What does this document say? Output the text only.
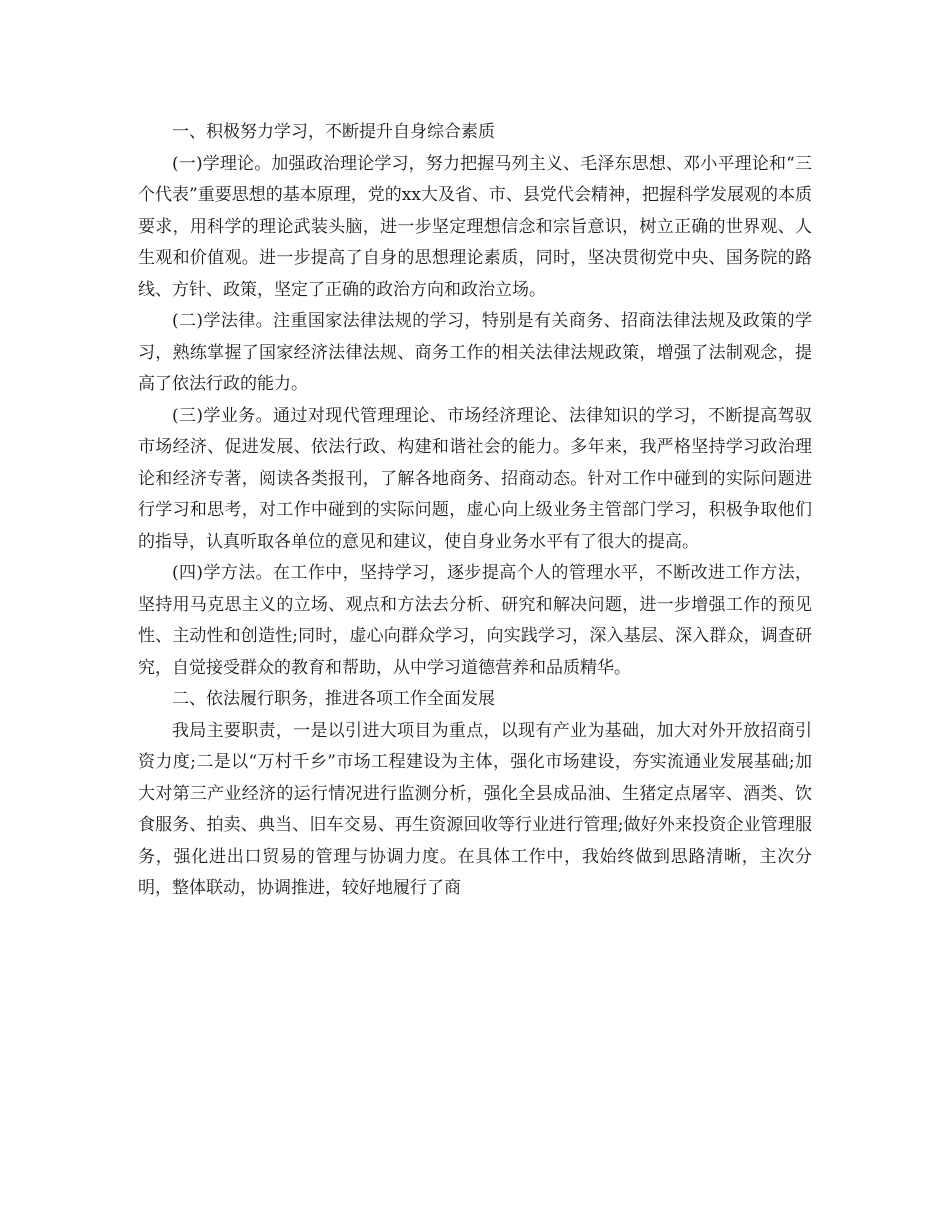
一、积极努力学习，不断提升自身综合素质

(一)学理论。加强政治理论学习，努力把握马列主义、毛泽东思想、邓小平理论和“三个代表”重要思想的基本原理，党的xx大及省、市、县党代会精神，把握科学发展观的本质要求，用科学的理论武装头脑，进一步坚定理想信念和宗旨意识，树立正确的世界观、人生观和价值观。进一步提高了自身的思想理论素质，同时，坚决贯彻党中央、国务院的路线、方针、政策，坚定了正确的政治方向和政治立场。

(二)学法律。注重国家法律法规的学习，特别是有关商务、招商法律法规及政策的学习，熟练掌握了国家经济法律法规、商务工作的相关法律法规政策，增强了法制观念，提高了依法行政的能力。

(三)学业务。通过对现代管理理论、市场经济理论、法律知识的学习，不断提高驾驭市场经济、促进发展、依法行政、构建和谐社会的能力。多年来，我严格坚持学习政治理论和经济专著，阅读各类报刊，了解各地商务、招商动态。针对工作中碰到的实际问题进行学习和思考，对工作中碰到的实际问题，虚心向上级业务主管部门学习，积极争取他们的指导，认真听取各单位的意见和建议，使自身业务水平有了很大的提高。

(四)学方法。在工作中，坚持学习，逐步提高个人的管理水平，不断改进工作方法，坚持用马克思主义的立场、观点和方法去分析、研究和解决问题，进一步增强工作的预见性、主动性和创造性;同时，虚心向群众学习，向实践学习，深入基层、深入群众，调查研究，自觉接受群众的教育和帮助，从中学习道德营养和品质精华。

二、依法履行职务，推进各项工作全面发展

我局主要职责，一是以引进大项目为重点，以现有产业为基础，加大对外开放招商引资力度;二是以“万村千乡”市场工程建设为主体，强化市场建设，夯实流通业发展基础;加大对第三产业经济的运行情况进行监测分析，强化全县成品油、生猪定点屠宰、酒类、饮食服务、拍卖、典当、旧车交易、再生资源回收等行业进行管理;做好外来投资企业管理服务，强化进出口贸易的管理与协调力度。在具体工作中，我始终做到思路清晰，主次分明，整体联动，协调推进，较好地履行了商
